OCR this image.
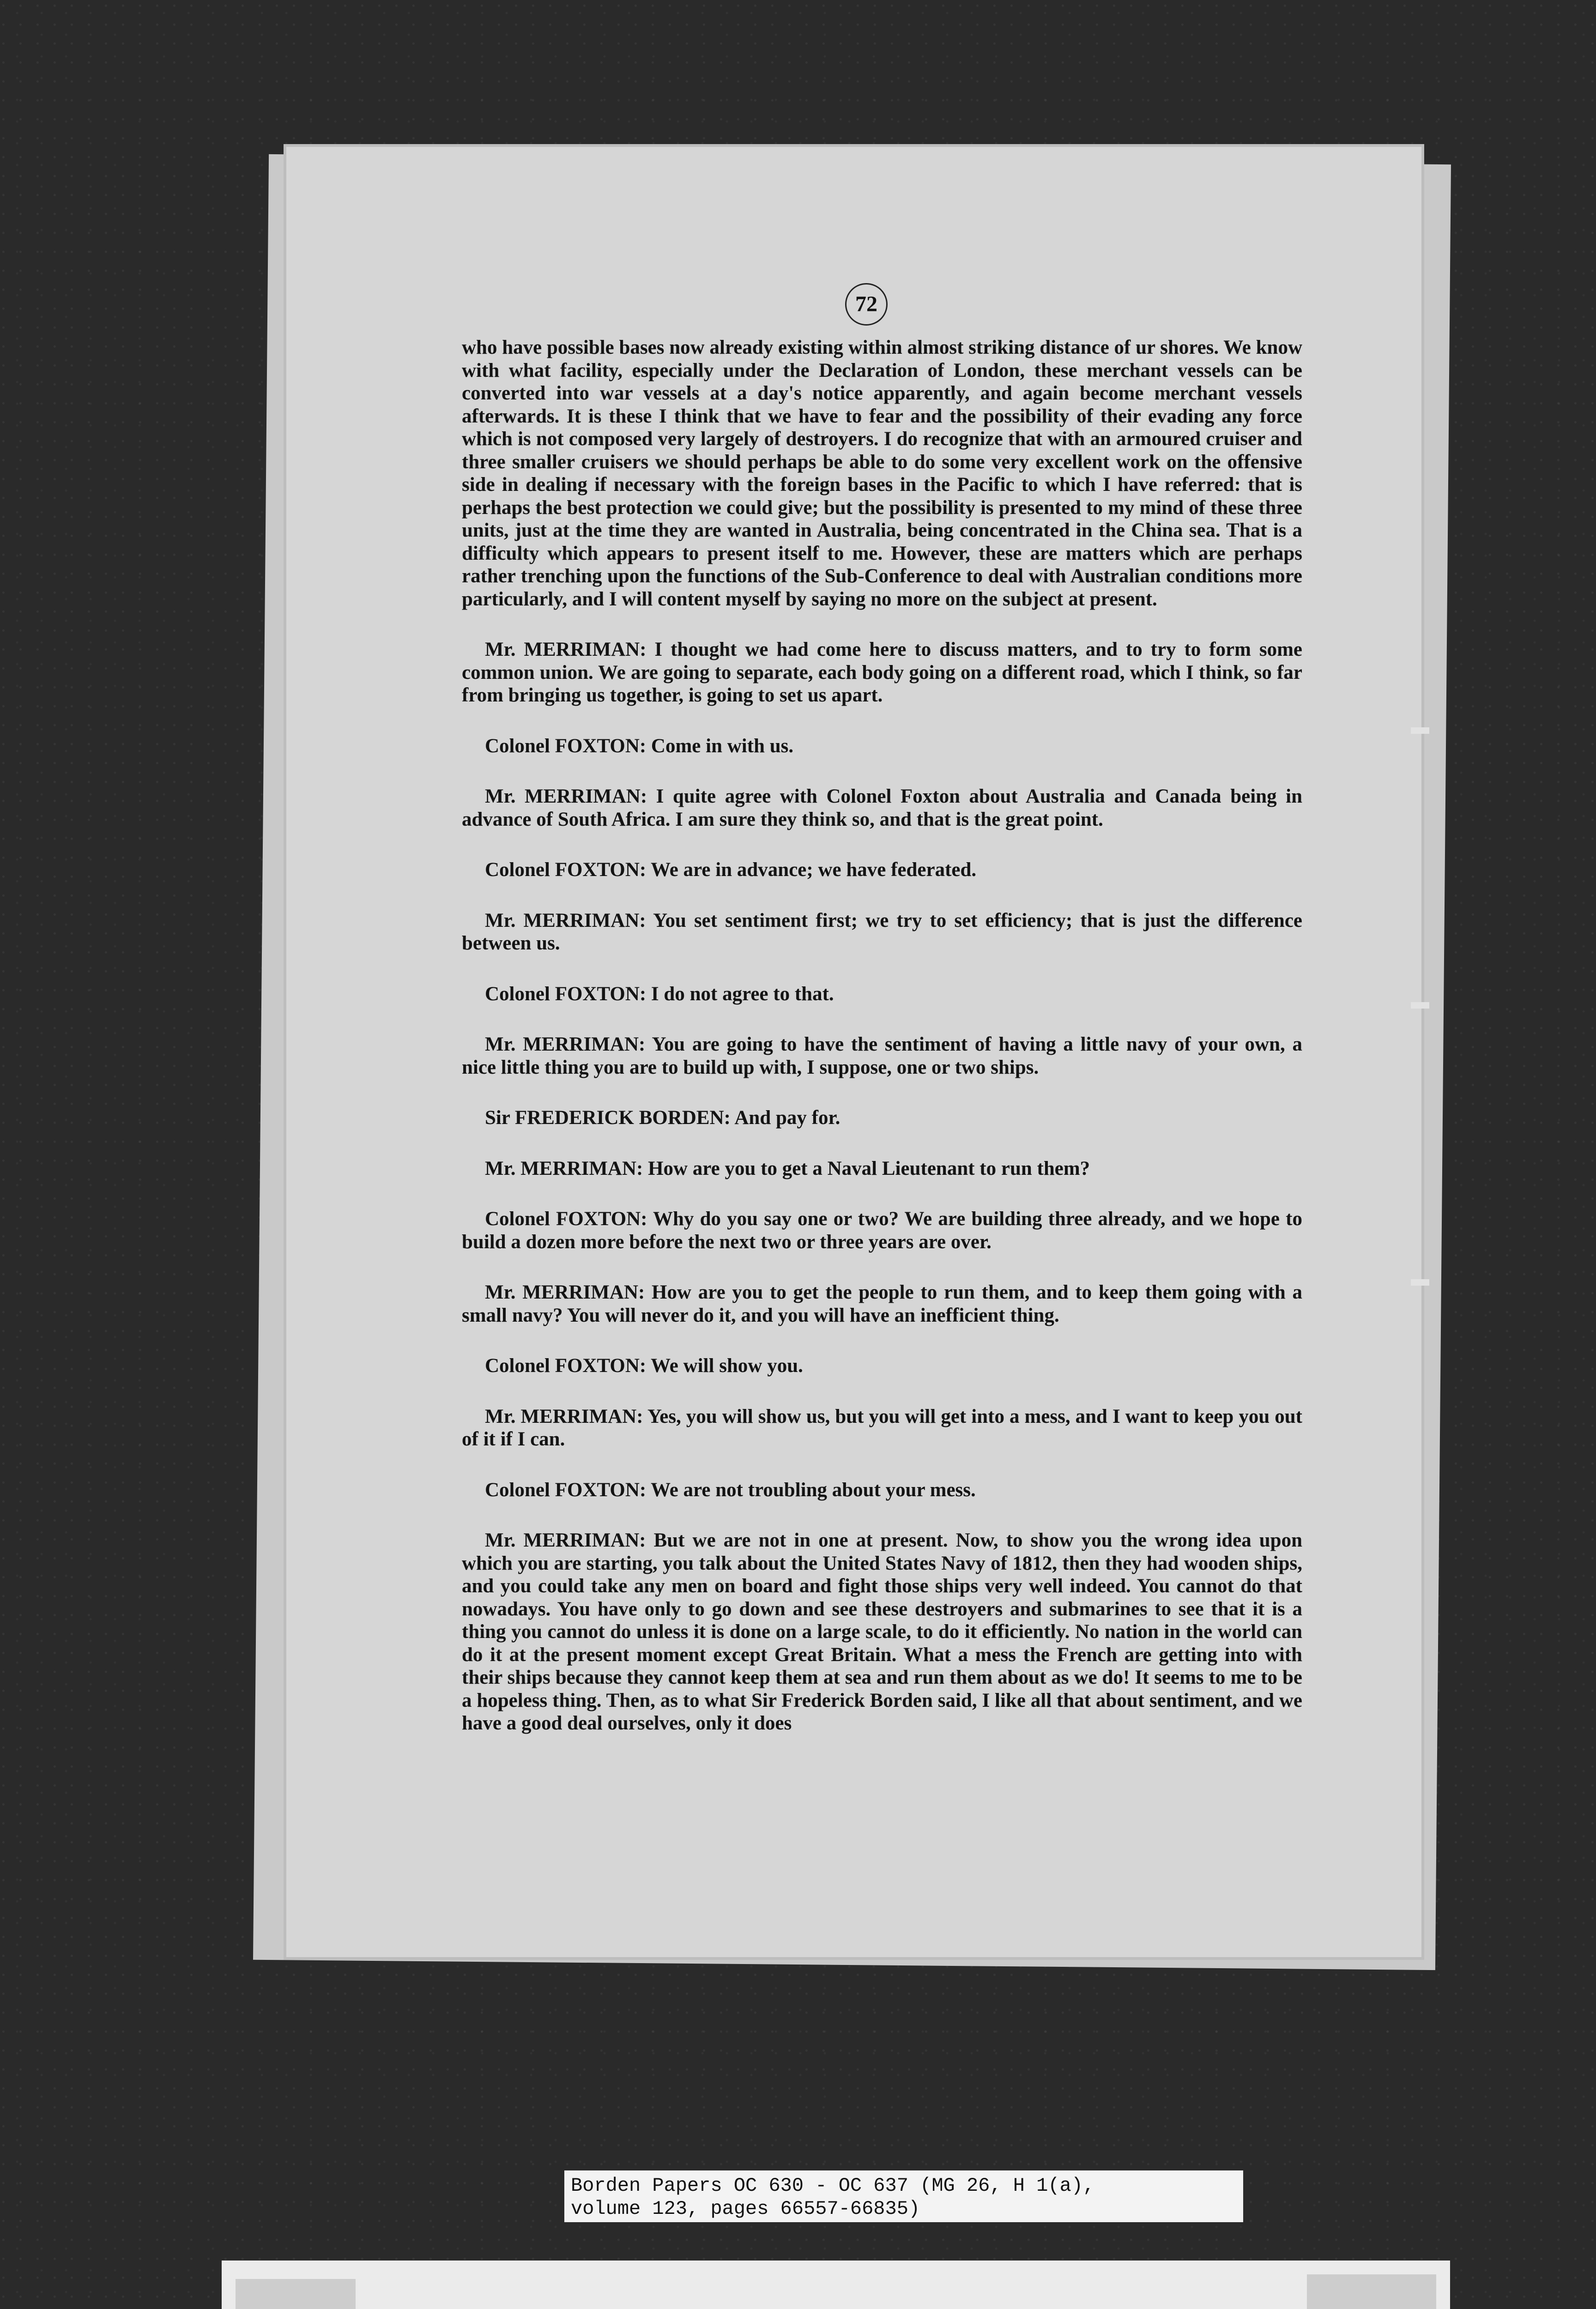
72

who have possible bases now already existing within almost striking distance of ur shores. We know with what facility, especially under the Declaration of London, these merchant vessels can be converted into war vessels at a day's notice apparently, and again become merchant vessels afterwards. It is these I think that we have to fear and the possibility of their evading any force which is not composed very largely of destroyers. I do recognize that with an armoured cruiser and three smaller cruisers we should perhaps be able to do some very excellent work on the offensive side in dealing if necessary with the foreign bases in the Pacific to which I have referred: that is perhaps the best protection we could give; but the possibility is presented to my mind of these three units, just at the time they are wanted in Australia, being concentrated in the China sea. That is a difficulty which appears to present itself to me. However, these are matters which are perhaps rather trenching upon the functions of the Sub-Conference to deal with Australian conditions more particularly, and I will content myself by saying no more on the subject at present.

Mr. MERRIMAN: I thought we had come here to discuss matters, and to try to form some common union. We are going to separate, each body going on a different road, which I think, so far from bringing us together, is going to set us apart.

Colonel FOXTON: Come in with us.

Mr. MERRIMAN: I quite agree with Colonel Foxton about Australia and Canada being in advance of South Africa. I am sure they think so, and that is the great point.

Colonel FOXTON: We are in advance; we have federated.

Mr. MERRIMAN: You set sentiment first; we try to set efficiency; that is just the difference between us.

Colonel FOXTON: I do not agree to that.

Mr. MERRIMAN: You are going to have the sentiment of having a little navy of your own, a nice little thing you are to build up with, I suppose, one or two ships.

Sir FREDERICK BORDEN: And pay for.

Mr. MERRIMAN: How are you to get a Naval Lieutenant to run them?

Colonel FOXTON: Why do you say one or two? We are building three already, and we hope to build a dozen more before the next two or three years are over.

Mr. MERRIMAN: How are you to get the people to run them, and to keep them going with a small navy? You will never do it, and you will have an inefficient thing.

Colonel FOXTON: We will show you.

Mr. MERRIMAN: Yes, you will show us, but you will get into a mess, and I want to keep you out of it if I can.

Colonel FOXTON: We are not troubling about your mess.

Mr. MERRIMAN: But we are not in one at present. Now, to show you the wrong idea upon which you are starting, you talk about the United States Navy of 1812, then they had wooden ships, and you could take any men on board and fight those ships very well indeed. You cannot do that nowadays. You have only to go down and see these destroyers and submarines to see that it is a thing you cannot do unless it is done on a large scale, to do it efficiently. No nation in the world can do it at the present moment except Great Britain. What a mess the French are getting into with their ships because they cannot keep them at sea and run them about as we do! It seems to me to be a hopeless thing. Then, as to what Sir Frederick Borden said, I like all that about sentiment, and we have a good deal ourselves, only it does

Borden Papers OC 630 - OC 637 (MG 26, H 1(a),
volume 123, pages 66557-66835)
